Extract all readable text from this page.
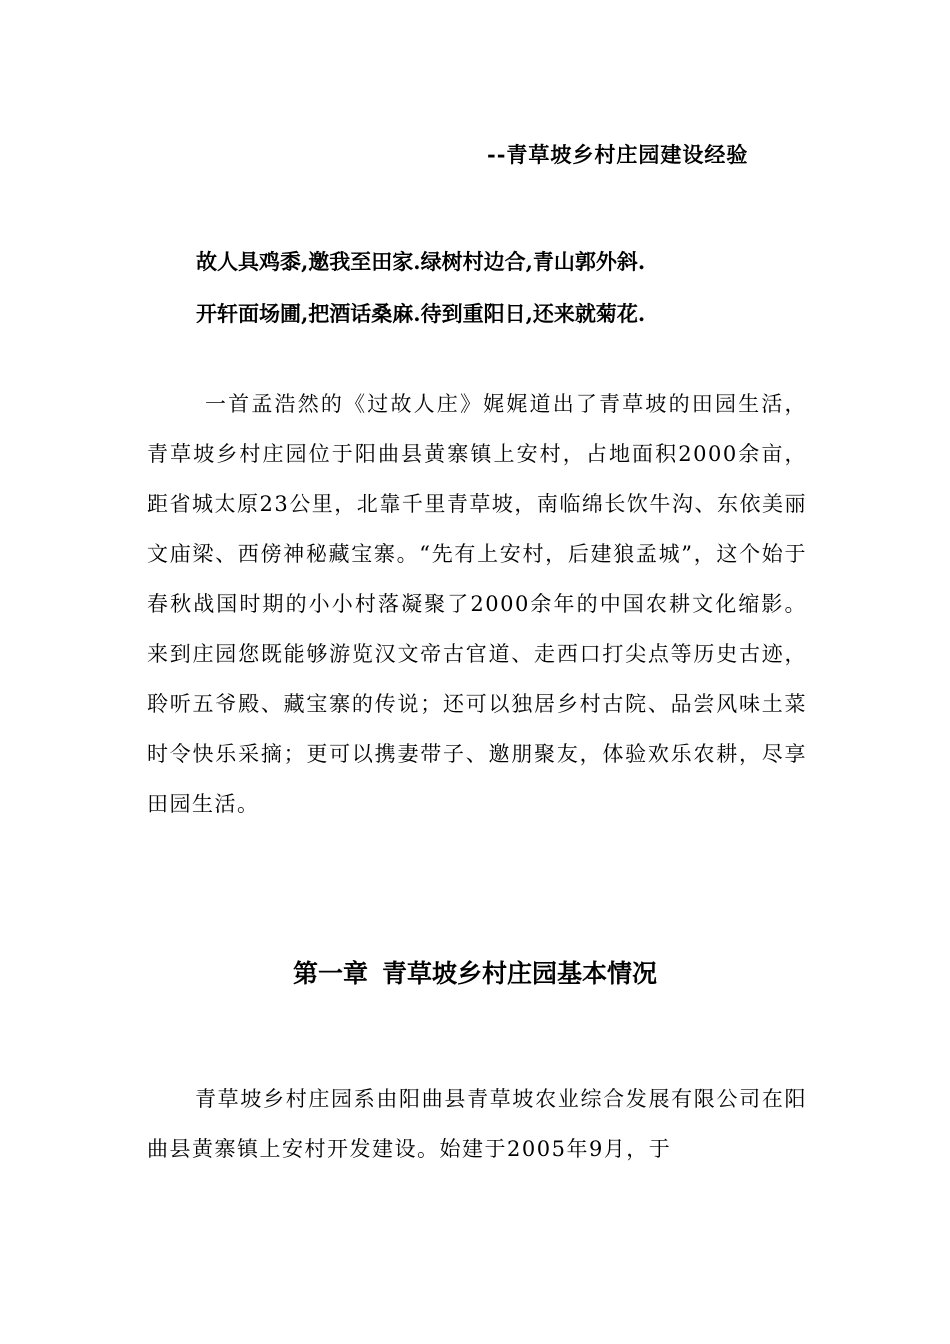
--青草坡乡村庄园建设经验
故人具鸡黍,邀我至田家.绿树村边合,青山郭外斜.
开轩面场圃,把酒话桑麻.待到重阳日,还来就菊花.

一首孟浩然的《过故人庄》娓娓道出了青草坡的田园生活，青草坡乡村庄园位于阳曲县黄寨镇上安村，占地面积2000余亩，距省城太原23公里，北靠千里青草坡，南临绵长饮牛沟、东依美丽文庙梁、西傍神秘藏宝寨。“先有上安村，后建狼孟城”，这个始于春秋战国时期的小小村落凝聚了2000余年的中国农耕文化缩影。来到庄园您既能够游览汉文帝古官道、走西口打尖点等历史古迹，聆听五爷殿、藏宝寨的传说；还可以独居乡村古院、品尝风味土菜时令快乐采摘；更可以携妻带子、邀朋聚友，体验欢乐农耕，尽享田园生活。

第一章  青草坡乡村庄园基本情况

青草坡乡村庄园系由阳曲县青草坡农业综合发展有限公司在阳曲县黄寨镇上安村开发建设。始建于2005年9月，于
